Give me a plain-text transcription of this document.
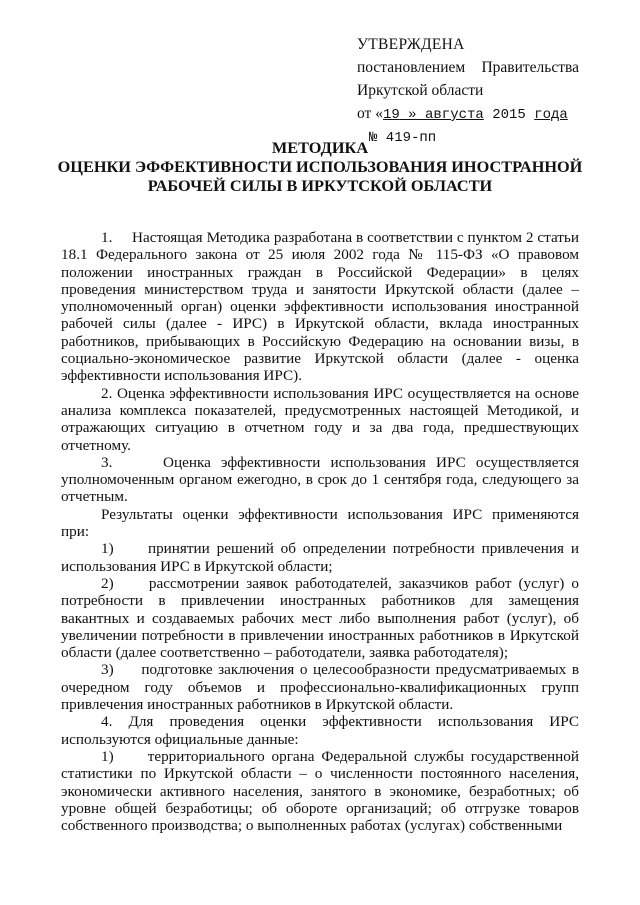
УТВЕРЖДЕНА
постановлением Правительства
Иркутской области
от «19 » августа 2015 года
№ 419-пп
МЕТОДИКА
ОЦЕНКИ ЭФФЕКТИВНОСТИ ИСПОЛЬЗОВАНИЯ ИНОСТРАННОЙ
РАБОЧЕЙ СИЛЫ В ИРКУТСКОЙ ОБЛАСТИ

1.     Настоящая Методика разработана в соответствии с пунктом 2 статьи 18.1 Федерального закона от 25 июля 2002 года № 115-ФЗ «О правовом положении иностранных граждан в Российской Федерации» в целях проведения министерством труда и занятости Иркутской области (далее – уполномоченный орган) оценки эффективности использования иностранной рабочей силы (далее - ИРС) в Иркутской области, вклада иностранных работников, прибывающих в Российскую Федерацию на основании визы, в социально-экономическое развитие Иркутской области (далее - оценка эффективности использования ИРС).

2. Оценка эффективности использования ИРС осуществляется на основе анализа комплекса показателей, предусмотренных настоящей Методикой, и отражающих ситуацию в отчетном году и за два года, предшествующих отчетному.

3.     Оценка эффективности использования ИРС осуществляется уполномоченным органом ежегодно, в срок до 1 сентября года, следующего за отчетным.

Результаты оценки эффективности использования ИРС применяются при:

1)     принятии решений об определении потребности привлечения и использования ИРС в Иркутской области;

2)     рассмотрении заявок работодателей, заказчиков работ (услуг) о потребности в привлечении иностранных работников для замещения вакантных и создаваемых рабочих мест либо выполнения работ (услуг), об увеличении потребности в привлечении иностранных работников в Иркутской области (далее соответственно – работодатели, заявка работодателя);

3)     подготовке заключения о целесообразности предусматриваемых в очередном году объемов и профессионально-квалификационных групп привлечения иностранных работников в Иркутской области.

4. Для проведения оценки эффективности использования ИРС используются официальные данные:

1)     территориального органа Федеральной службы государственной статистики по Иркутской области – о численности постоянного населения, экономически активного населения, занятого в экономике, безработных; об уровне общей безработицы; об обороте организаций; об отгрузке товаров собственного производства; о выполненных работах (услугах) собственными
